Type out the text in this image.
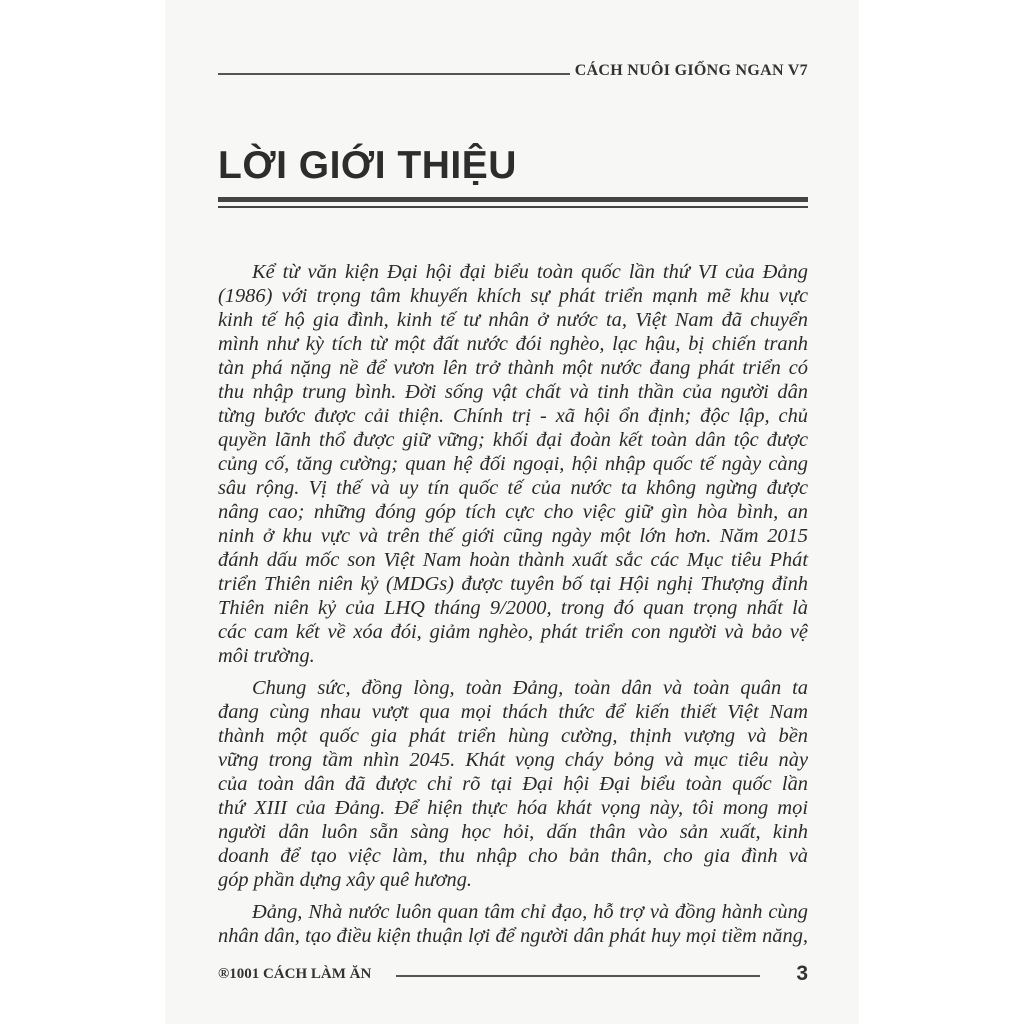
CÁCH NUÔI GIỐNG NGAN V7
LỜI GIỚI THIỆU
Kể từ văn kiện Đại hội đại biểu toàn quốc lần thứ VI của Đảng
(1986) với trọng tâm khuyến khích sự phát triển mạnh mẽ khu vực
kinh tế hộ gia đình, kinh tế tư nhân ở nước ta, Việt Nam đã chuyển
mình như kỳ tích từ một đất nước đói nghèo, lạc hậu, bị chiến tranh
tàn phá nặng nề để vươn lên trở thành một nước đang phát triển có
thu nhập trung bình. Đời sống vật chất và tinh thần của người dân
từng bước được cải thiện. Chính trị - xã hội ổn định; độc lập, chủ
quyền lãnh thổ được giữ vững; khối đại đoàn kết toàn dân tộc được
củng cố, tăng cường; quan hệ đối ngoại, hội nhập quốc tế ngày càng
sâu rộng. Vị thế và uy tín quốc tế của nước ta không ngừng được
nâng cao; những đóng góp tích cực cho việc giữ gìn hòa bình, an
ninh ở khu vực và trên thế giới cũng ngày một lớn hơn. Năm 2015
đánh dấu mốc son Việt Nam hoàn thành xuất sắc các Mục tiêu Phát
triển Thiên niên kỷ (MDGs) được tuyên bố tại Hội nghị Thượng đỉnh
Thiên niên kỷ của LHQ tháng 9/2000, trong đó quan trọng nhất là
các cam kết về xóa đói, giảm nghèo, phát triển con người và bảo vệ
môi trường.
Chung sức, đồng lòng, toàn Đảng, toàn dân và toàn quân ta
đang cùng nhau vượt qua mọi thách thức để kiến thiết Việt Nam
thành một quốc gia phát triển hùng cường, thịnh vượng và bền
vững trong tầm nhìn 2045. Khát vọng cháy bỏng và mục tiêu này
của toàn dân đã được chỉ rõ tại Đại hội Đại biểu toàn quốc lần
thứ XIII của Đảng. Để hiện thực hóa khát vọng này, tôi mong mọi
người dân luôn sẵn sàng học hỏi, dấn thân vào sản xuất, kinh
doanh để tạo việc làm, thu nhập cho bản thân, cho gia đình và
góp phần dựng xây quê hương.
Đảng, Nhà nước luôn quan tâm chỉ đạo, hỗ trợ và đồng hành cùng
nhân dân, tạo điều kiện thuận lợi để người dân phát huy mọi tiềm năng,
®1001 CÁCH LÀM ĂN	3
